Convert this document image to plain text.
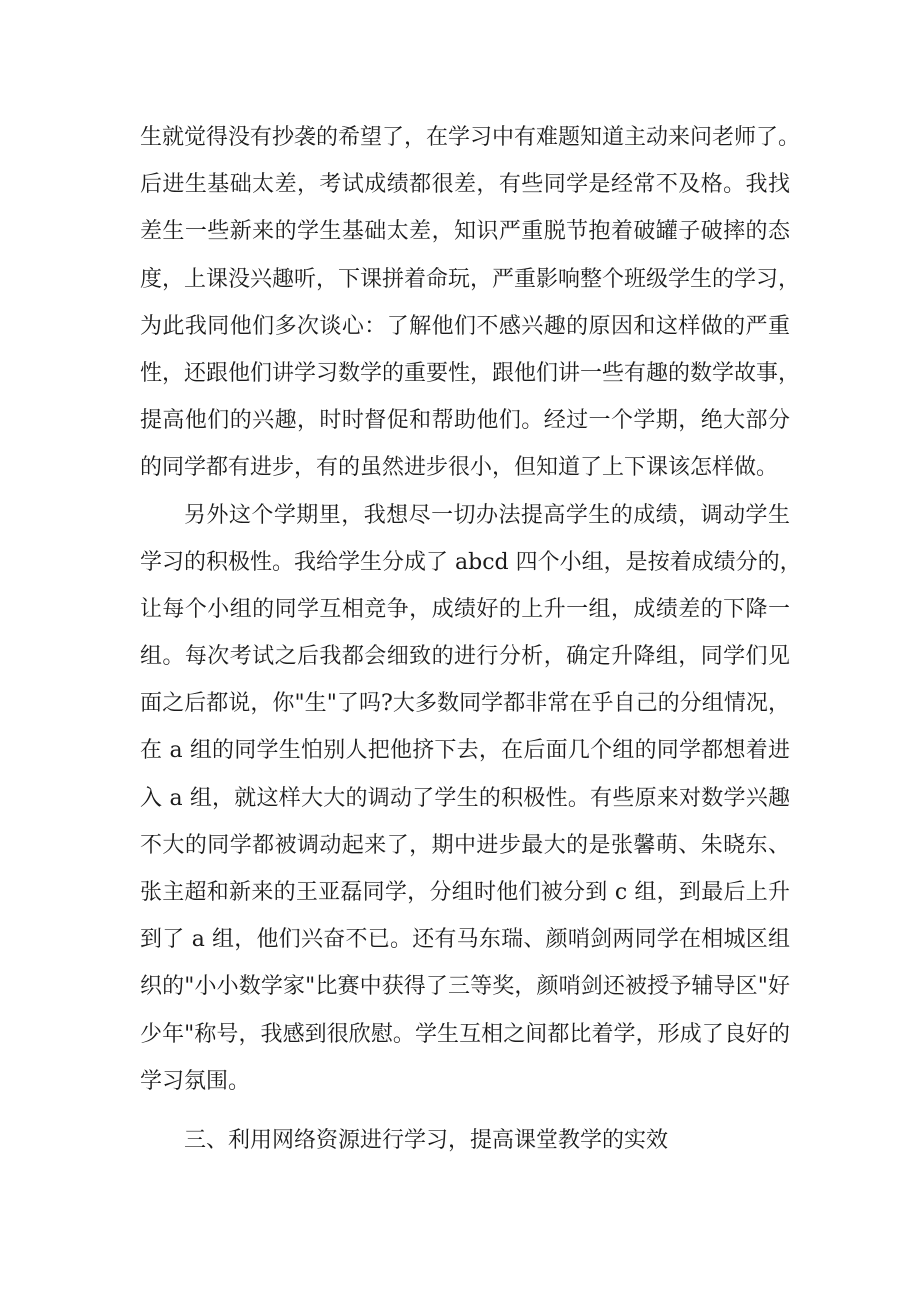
生就觉得没有抄袭的希望了，在学习中有难题知道主动来问老师了。
后进生基础太差，考试成绩都很差，有些同学是经常不及格。我找
差生一些新来的学生基础太差，知识严重脱节抱着破罐子破摔的态
度，上课没兴趣听，下课拼着命玩，严重影响整个班级学生的学习，
为此我同他们多次谈心：了解他们不感兴趣的原因和这样做的严重
性，还跟他们讲学习数学的重要性，跟他们讲一些有趣的数学故事，
提高他们的兴趣，时时督促和帮助他们。经过一个学期，绝大部分
的同学都有进步，有的虽然进步很小，但知道了上下课该怎样做。
另外这个学期里，我想尽一切办法提高学生的成绩，调动学生
学习的积极性。我给学生分成了 abcd 四个小组，是按着成绩分的，
让每个小组的同学互相竞争，成绩好的上升一组，成绩差的下降一
组。每次考试之后我都会细致的进行分析，确定升降组，同学们见
面之后都说，你"生"了吗?大多数同学都非常在乎自己的分组情况，
在 a 组的同学生怕别人把他挤下去，在后面几个组的同学都想着进
入 a 组，就这样大大的调动了学生的积极性。有些原来对数学兴趣
不大的同学都被调动起来了，期中进步最大的是张馨萌、朱晓东、
张主超和新来的王亚磊同学，分组时他们被分到 c 组，到最后上升
到了 a 组，他们兴奋不已。还有马东瑞、颜哨剑两同学在相城区组
织的"小小数学家"比赛中获得了三等奖，颜哨剑还被授予辅导区"好
少年"称号，我感到很欣慰。学生互相之间都比着学，形成了良好的
学习氛围。
三、利用网络资源进行学习，提高课堂教学的实效
